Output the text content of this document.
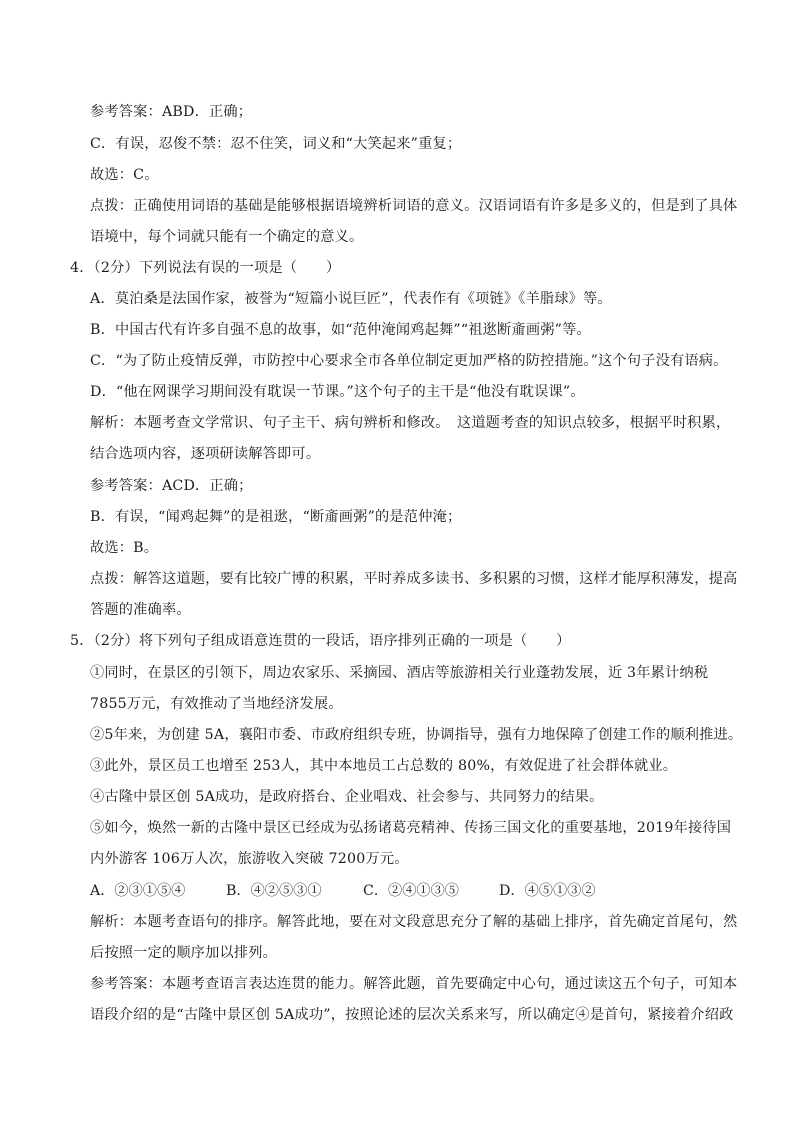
参考答案：ABD．正确；
C．有误，忍俊不禁：忍不住笑，词义和“大笑起来”重复；
故选：C。
点拨：正确使用词语的基础是能够根据语境辨析词语的意义。汉语词语有许多是多义的，但是到了具体
语境中，每个词就只能有一个确定的意义。
4．（2分）下列说法有误的一项是（　　）
A．莫泊桑是法国作家，被誉为“短篇小说巨匠”，代表作有《项链》《羊脂球》等。
B．中国古代有许多自强不息的故事，如“范仲淹闻鸡起舞”“祖逖断齑画粥”等。
C．“为了防止疫情反弹，市防控中心要求全市各单位制定更加严格的防控措施。”这个句子没有语病。
D．“他在网课学习期间没有耽误一节课。”这个句子的主干是“他没有耽误课”。
解析：本题考查文学常识、句子主干、病句辨析和修改。　这道题考查的知识点较多，根据平时积累，
结合选项内容，逐项研读解答即可。
参考答案：ACD．正确；
B．有误，“闻鸡起舞”的是祖逖，“断齑画粥”的是范仲淹；
故选：B。
点拨：解答这道题，要有比较广博的积累，平时养成多读书、多积累的习惯，这样才能厚积薄发，提高
答题的准确率。
5．（2分）将下列句子组成语意连贯的一段话，语序排列正确的一项是（　　）
①同时，在景区的引领下，周边农家乐、采摘园、酒店等旅游相关行业蓬勃发展，近 3年累计纳税
7855万元，有效推动了当地经济发展。
②5年来，为创建 5A，襄阳市委、市政府组织专班，协调指导，强有力地保障了创建工作的顺利推进。
③此外，景区员工也增至 253人，其中本地员工占总数的 80%，有效促进了社会群体就业。
④古隆中景区创 5A成功，是政府搭台、企业唱戏、社会参与、共同努力的结果。
⑤如今，焕然一新的古隆中景区已经成为弘扬诸葛亮精神、传扬三国文化的重要基地，2019年接待国
内外游客 106万人次，旅游收入突破 7200万元。
A．②③①⑤④	B．④②⑤③①	C．②④①③⑤	D．④⑤①③②
解析：本题考查语句的排序。解答此地，要在对文段意思充分了解的基础上排序，首先确定首尾句，然
后按照一定的顺序加以排列。
参考答案：本题考查语言表达连贯的能力。解答此题，首先要确定中心句，通过读这五个句子，可知本
语段介绍的是“古隆中景区创 5A成功”，按照论述的层次关系来写，所以确定④是首句，紧接着介绍政
